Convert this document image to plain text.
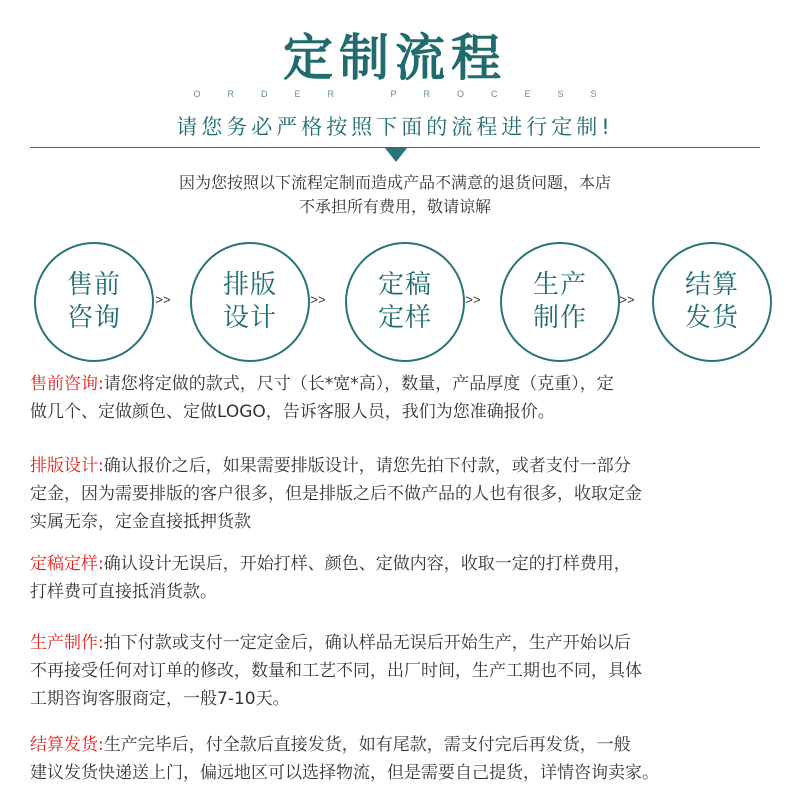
定制流程
ORDER PROCESS
请您务必严格按照下面的流程进行定制!
因为您按照以下流程定制而造成产品不满意的退货问题，本店
不承担所有费用，敬请谅解
售前
咨询
>> 排版
设计
>> 定稿
定样
>> 生产
制作
>> 结算
发货
售前咨询:请您将定做的款式，尺寸（长*宽*高），数量，产品厚度（克重），定
做几个、定做颜色、定做LOGO，告诉客服人员，我们为您准确报价。
排版设计:确认报价之后，如果需要排版设计，请您先拍下付款，或者支付一部分
定金，因为需要排版的客户很多，但是排版之后不做产品的人也有很多，收取定金
实属无奈，定金直接抵押货款
定稿定样:确认设计无误后，开始打样、颜色、定做内容，收取一定的打样费用，
打样费可直接抵消货款。
生产制作:拍下付款或支付一定定金后，确认样品无误后开始生产，生产开始以后
不再接受任何对订单的修改，数量和工艺不同，出厂时间，生产工期也不同，具体
工期咨询客服商定，一般7-10天。
结算发货:生产完毕后，付全款后直接发货，如有尾款，需支付完后再发货，一般
建议发货快递送上门，偏远地区可以选择物流，但是需要自己提货，详情咨询卖家。
